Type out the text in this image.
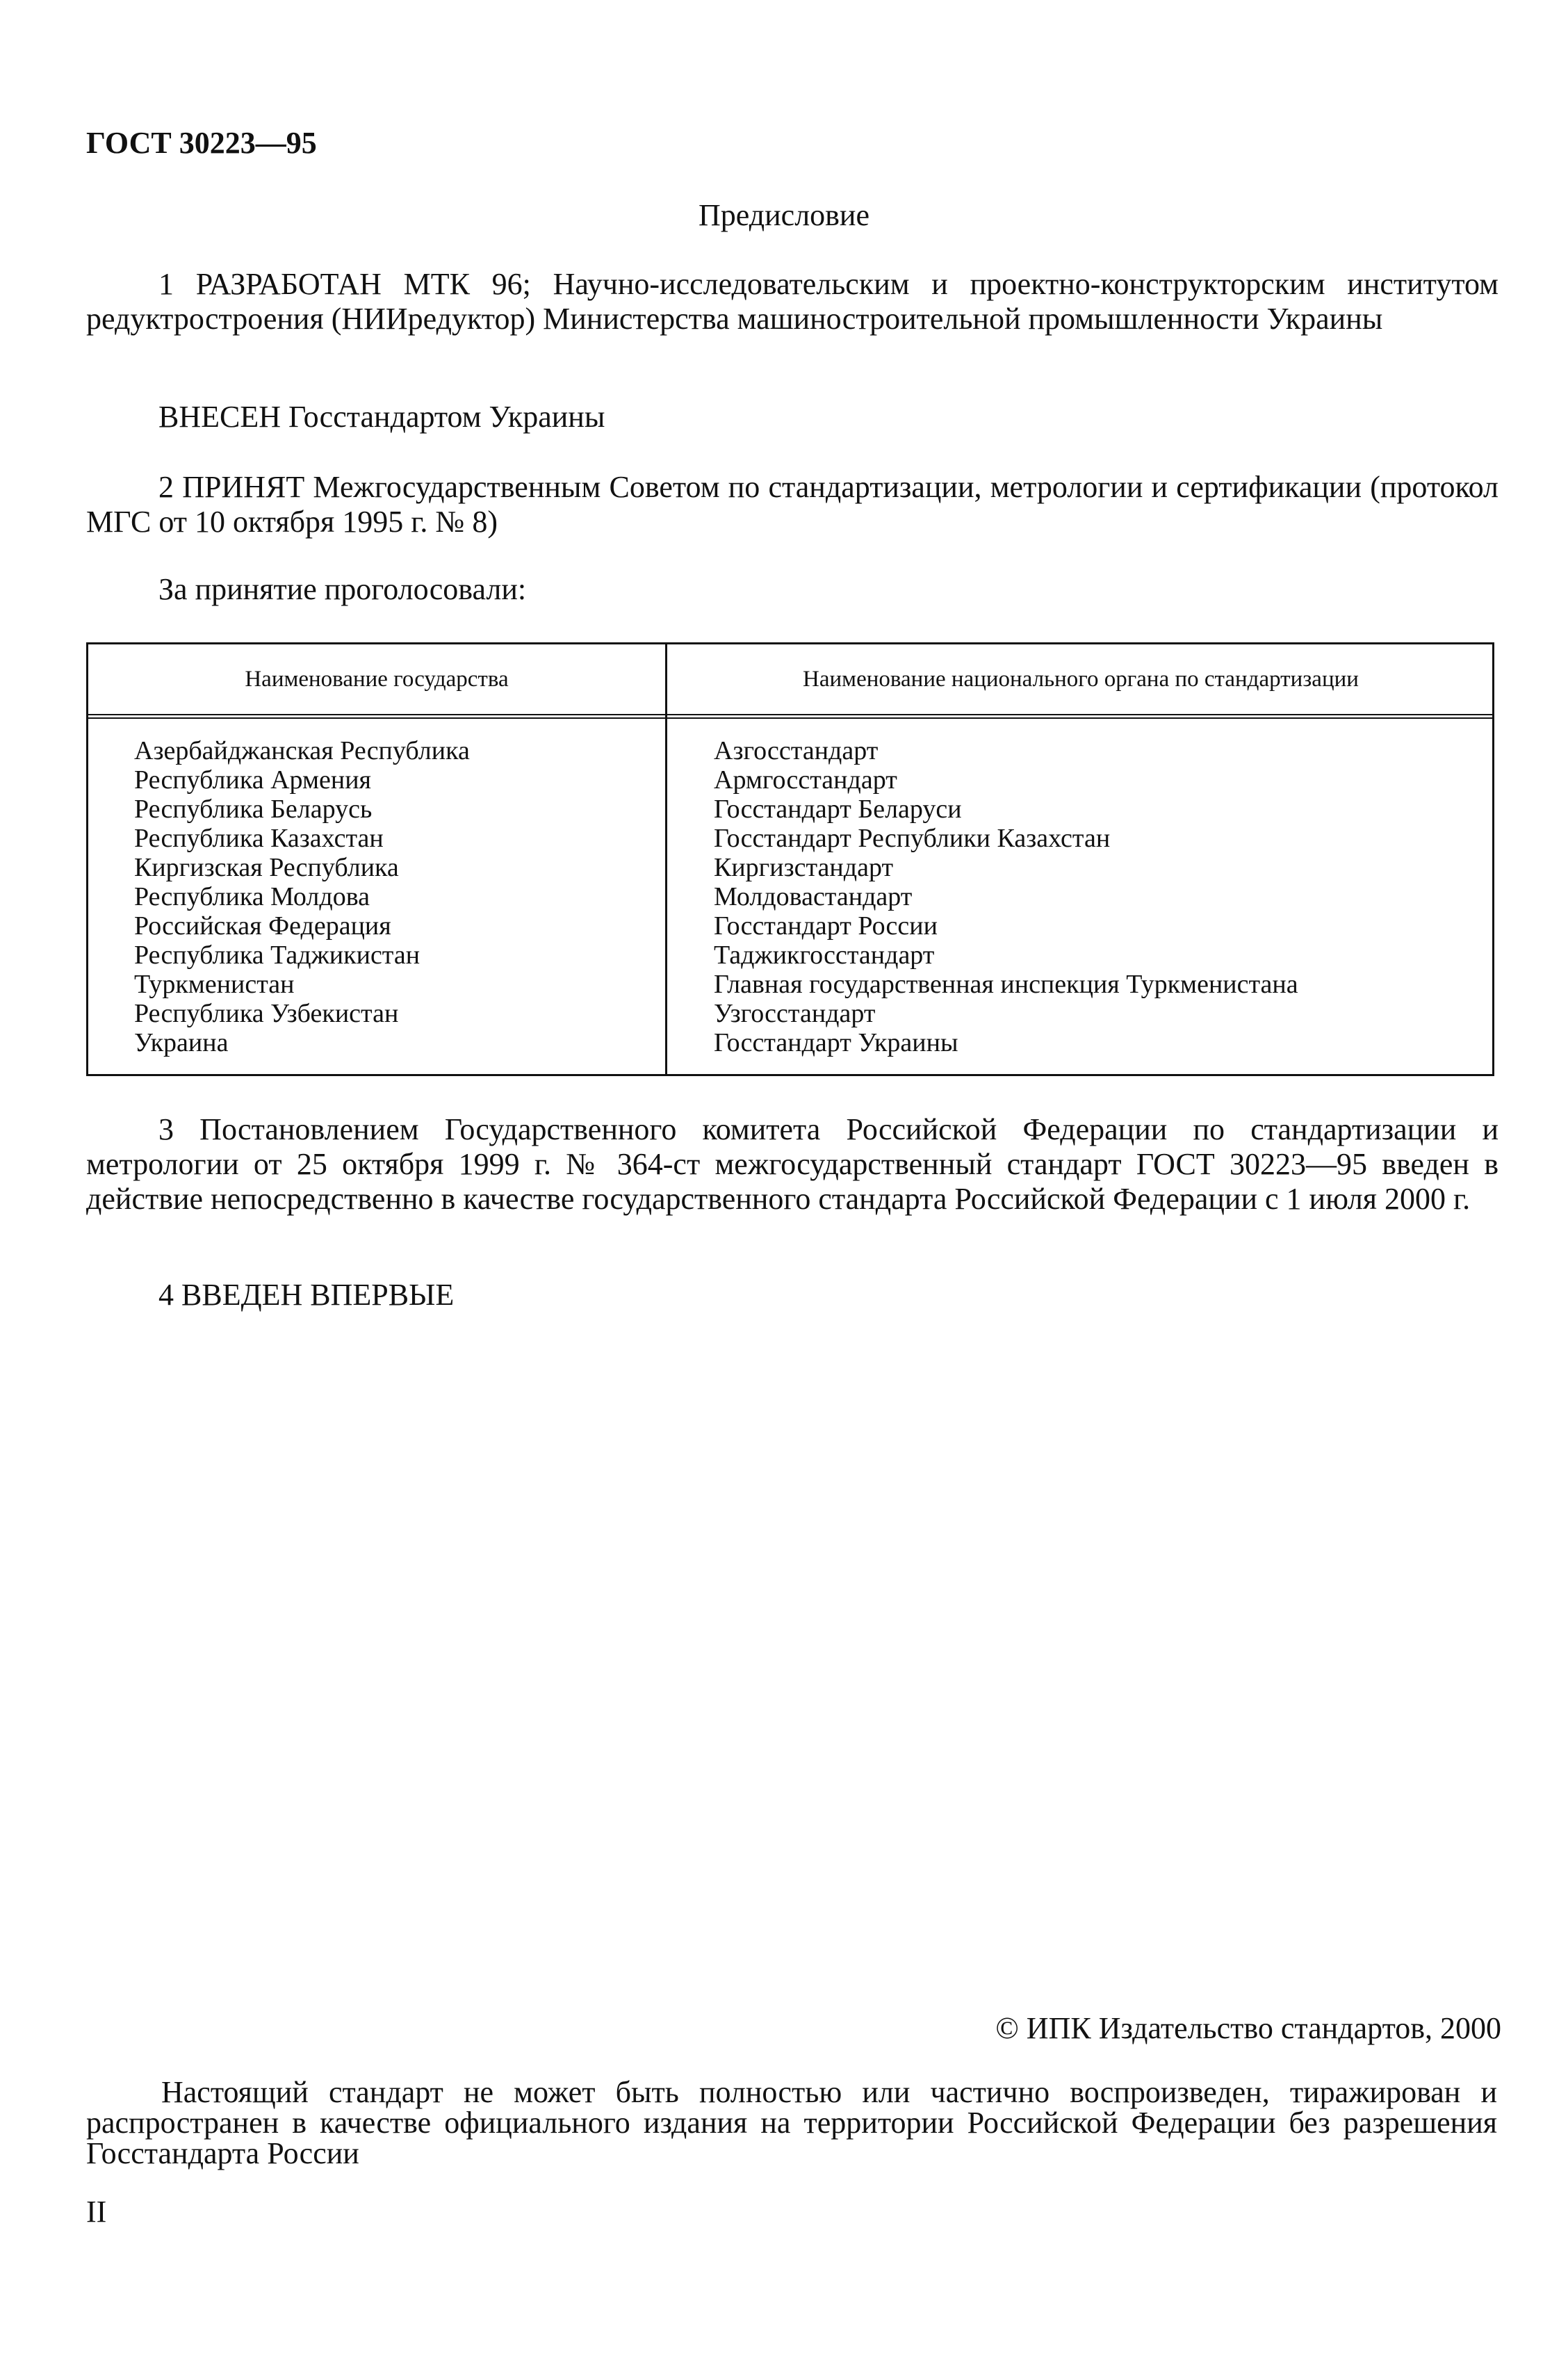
ГОСТ 30223—95
Предисловие
1 РАЗРАБОТАН МТК 96; Научно-исследовательским и проектно-конструкторским институтом редуктростроения (НИИредуктор) Министерства машиностроительной промышленности Украины
ВНЕСЕН Госстандартом Украины
2 ПРИНЯТ Межгосударственным Советом по стандартизации, метрологии и сертификации (протокол МГС от 10 октября 1995 г. № 8)
За принятие проголосовали:
Наименование государства	Наименование национального органа по стандартизации
Азербайджанская Республика
Республика Армения
Республика Беларусь
Республика Казахстан
Киргизская Республика
Республика Молдова
Российская Федерация
Республика Таджикистан
Туркменистан
Республика Узбекистан
Украина
Азгосстандарт
Армгосстандарт
Госстандарт Беларуси
Госстандарт Республики Казахстан
Киргизстандарт
Молдовастандарт
Госстандарт России
Таджикгосстандарт
Главная государственная инспекция Туркменистана
Узгосстандарт
Госстандарт Украины
3 Постановлением Государственного комитета Российской Федерации по стандартизации и метрологии от 25 октября 1999 г. № 364-ст межгосударственный стандарт ГОСТ 30223—95 введен в действие непосредственно в качестве государственного стандарта Российской Федерации с 1 июля 2000 г.
4 ВВЕДЕН ВПЕРВЫЕ
© ИПК Издательство стандартов, 2000
Настоящий стандарт не может быть полностью или частично воспроизведен, тиражирован и распространен в качестве официального издания на территории Российской Федерации без разрешения Госстандарта России
II
